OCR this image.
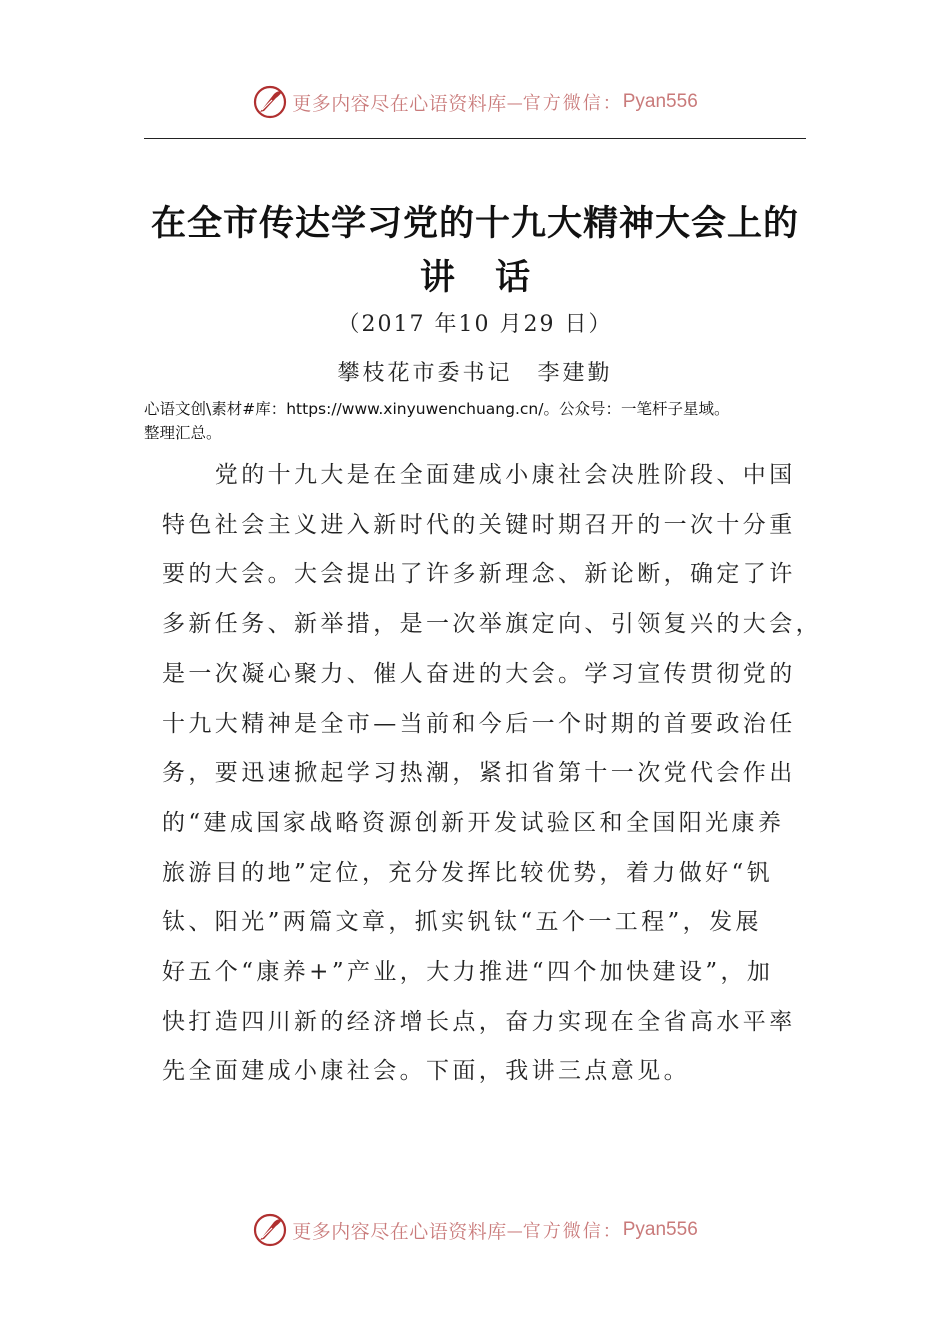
更多内容尽在心语资料库 — 官方微信： Pyan556
在全市传达学习党的十九大精神大会上的
讲 话
（2017 年10 月29 日）
攀枝花市委书记　李建勤
心语文创\素材#库：https://www.xinyuwenchuang.cn/。公众号：一笔杆子星域。
整理汇总。
　　党的十九大是在全面建成小康社会决胜阶段、中国
特色社会主义进入新时代的关键时期召开的一次十分重
要的大会。大会提出了许多新理念、新论断，确定了许
多新任务、新举措，是一次举旗定向、引领复兴的大会，
是一次凝心聚力、催人奋进的大会。学习宣传贯彻党的
十九大精神是全市—当前和今后一个时期的首要政治任
务，要迅速掀起学习热潮，紧扣省第十一次党代会作出
的“建成国家战略资源创新开发试验区和全国阳光康养
旅游目的地”定位，充分发挥比较优势，着力做好“钒
钛、阳光”两篇文章，抓实钒钛“五个一工程”，发展
好五个“康养+”产业，大力推进“四个加快建设”，加
快打造四川新的经济增长点，奋力实现在全省高水平率
先全面建成小康社会。下面，我讲三点意见。
更多内容尽在心语资料库 — 官方微信： Pyan556
